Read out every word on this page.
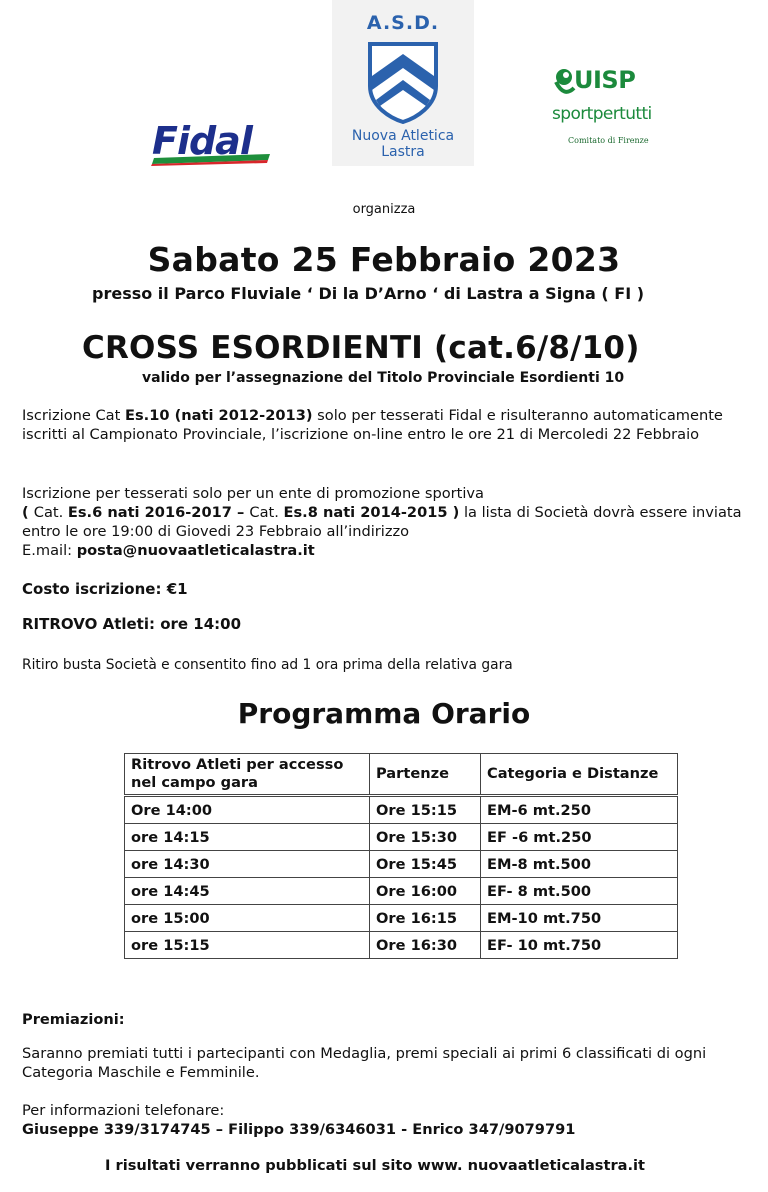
Fidal
A.S.D.
Nuova Atletica
Lastra
UISP
sportpertutti
Comitato di Firenze
organizza
Sabato 25 Febbraio 2023
presso il Parco Fluviale ‘ Di la D’Arno ‘ di Lastra a Signa ( FI )
CROSS ESORDIENTI (cat.6/8/10)
valido per l’assegnazione del Titolo Provinciale Esordienti 10
Iscrizione Cat Es.10 (nati 2012-2013) solo per tesserati Fidal e risulteranno automaticamente iscritti al Campionato Provinciale, l’iscrizione on-line entro le ore 21 di Mercoledi 22 Febbraio
Iscrizione per tesserati solo per un ente di promozione sportiva
( Cat. Es.6 nati 2016-2017 – Cat. Es.8 nati 2014-2015 ) la lista di Società dovrà essere inviata entro le ore 19:00 di Giovedi 23 Febbraio all’indirizzo
E.mail: posta@nuovaatleticalastra.it
Costo iscrizione: €1
RITROVO Atleti: ore 14:00
Ritiro busta Società e consentito fino ad 1 ora prima della relativa gara
Programma Orario
Ritrovo Atleti per accesso nel campo gara	Partenze	Categoria e Distanze
Ore 14:00	Ore 15:15	EM-6 mt.250
ore 14:15	Ore 15:30	EF -6 mt.250
ore 14:30	Ore 15:45	EM-8 mt.500
ore 14:45	Ore 16:00	EF- 8 mt.500
ore 15:00	Ore 16:15	EM-10 mt.750
ore 15:15	Ore 16:30	EF- 10 mt.750
Premiazioni:
Saranno premiati tutti i partecipanti con Medaglia, premi speciali ai primi 6 classificati di ogni Categoria Maschile e Femminile.
Per informazioni telefonare:
Giuseppe 339/3174745 – Filippo 339/6346031 - Enrico 347/9079791
I risultati verranno pubblicati sul sito www. nuovaatleticalastra.it
